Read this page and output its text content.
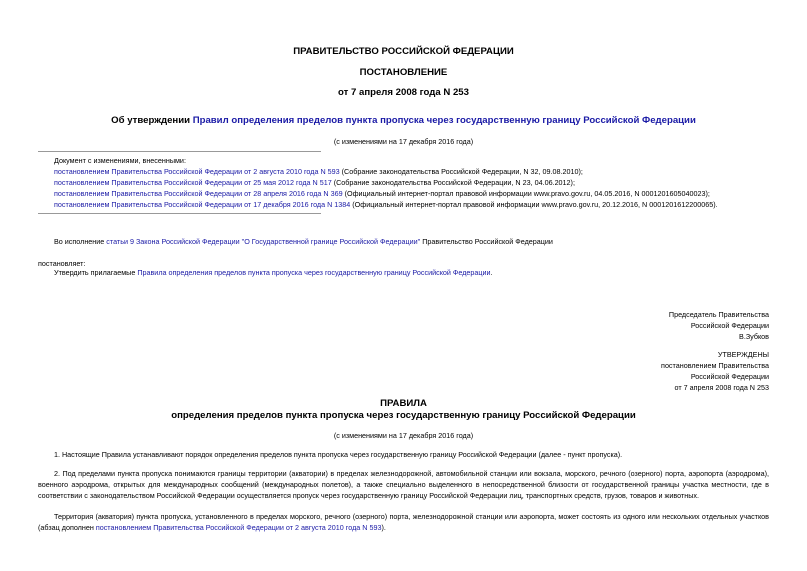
ПРАВИТЕЛЬСТВО РОССИЙСКОЙ ФЕДЕРАЦИИ
ПОСТАНОВЛЕНИЕ
от 7 апреля 2008 года N 253
Об утверждении Правил определения пределов пункта пропуска через государственную границу Российской Федерации
(с изменениями на 17 декабря 2016 года)
Документ с изменениями, внесенными:
постановлением Правительства Российской Федерации от 2 августа 2010 года N 593 (Собрание законодательства Российской Федерации, N 32, 09.08.2010);
постановлением Правительства Российской Федерации от 25 мая 2012 года N 517 (Собрание законодательства Российской Федерации, N 23, 04.06.2012);
постановлением Правительства Российской Федерации от 28 апреля 2016 года N 369 (Официальный интернет-портал правовой информации www.pravo.gov.ru, 04.05.2016, N 0001201605040023);
постановлением Правительства Российской Федерации от 17 декабря 2016 года N 1384 (Официальный интернет-портал правовой информации www.pravo.gov.ru, 20.12.2016, N 0001201612200065).
Во исполнение статьи 9 Закона Российской Федерации "О Государственной границе Российской Федерации" Правительство Российской Федерации
постановляет:
Утвердить прилагаемые Правила определения пределов пункта пропуска через государственную границу Российской Федерации.
Председатель Правительства
Российской Федерации
В.Зубков
УТВЕРЖДЕНЫ
постановлением Правительства
Российской Федерации
от 7 апреля 2008 года N 253
ПРАВИЛА
определения пределов пункта пропуска через государственную границу Российской Федерации
(с изменениями на 17 декабря 2016 года)
1. Настоящие Правила устанавливают порядок определения пределов пункта пропуска через государственную границу Российской Федерации (далее - пункт пропуска).
2. Под пределами пункта пропуска понимаются границы территории (акватории) в пределах железнодорожной, автомобильной станции или вокзала, морского, речного (озерного) порта, аэропорта (аэродрома), военного аэродрома, открытых для международных сообщений (международных полетов), а также специально выделенного в непосредственной близости от государственной границы участка местности, где в соответствии с законодательством Российской Федерации осуществляется пропуск через государственную границу Российской Федерации лиц, транспортных средств, грузов, товаров и животных.
Территория (акватория) пункта пропуска, установленного в пределах морского, речного (озерного) порта, железнодорожной станции или аэропорта, может состоять из одного или нескольких отдельных участков (абзац дополнен постановлением Правительства Российской Федерации от 2 августа 2010 года N 593).
